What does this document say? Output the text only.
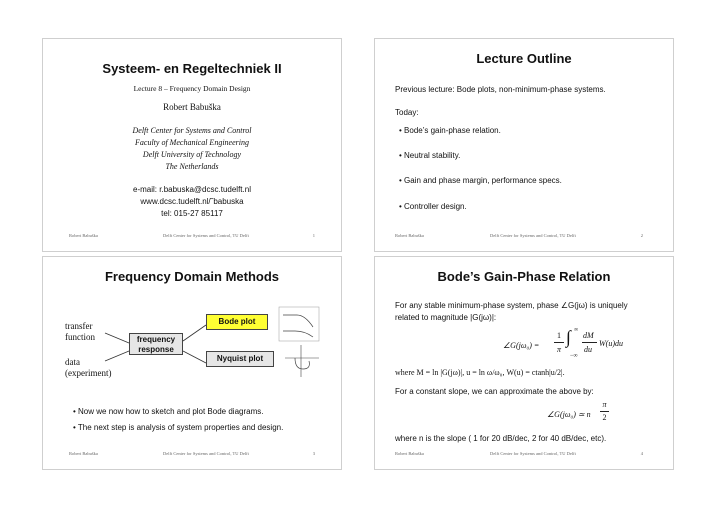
Systeem- en Regeltechniek II
Lecture 8 – Frequency Domain Design
Robert Babuška
Delft Center for Systems and Control
Faculty of Mechanical Engineering
Delft University of Technology
The Netherlands
e-mail: r.babuska@dcsc.tudelft.nl
www.dcsc.tudelft.nl/˜babuska
tel: 015-27 85117
Robert Babuška	Delft Center for Systems and Control, TU Delft	1
Lecture Outline
Previous lecture: Bode plots, non-minimum-phase systems.
Today:
• Bode’s gain-phase relation.
• Neutral stability.
• Gain and phase margin, performance specs.
• Controller design.
Robert Babuška	Delft Center for Systems and Control, TU Delft	2
Frequency Domain Methods
transfer
function
data
(experiment)
frequency
response
Bode plot
Nyquist plot
• Now we now how to sketch and plot Bode diagrams.
• The next step is analysis of system properties and design.
Robert Babuška	Delft Center for Systems and Control, TU Delft	3
Bode’s Gain-Phase Relation
For any stable minimum-phase system, phase ∠G(jω) is uniquely
related to magnitude |G(jω)|:
∠G(jω₀) =
1
π
∫ ∞
−∞
dM
du
W(u)du
where M = ln |G(jω)|, u = ln ω/ω₀, W(u) = ctanh|u/2|.
For a constant slope, we can approximate the above by:
∠G(jω₀) ≃ n
π
2
where n is the slope ( 1 for 20 dB/dec, 2 for 40 dB/dec, etc).
Robert Babuška	Delft Center for Systems and Control, TU Delft	4
